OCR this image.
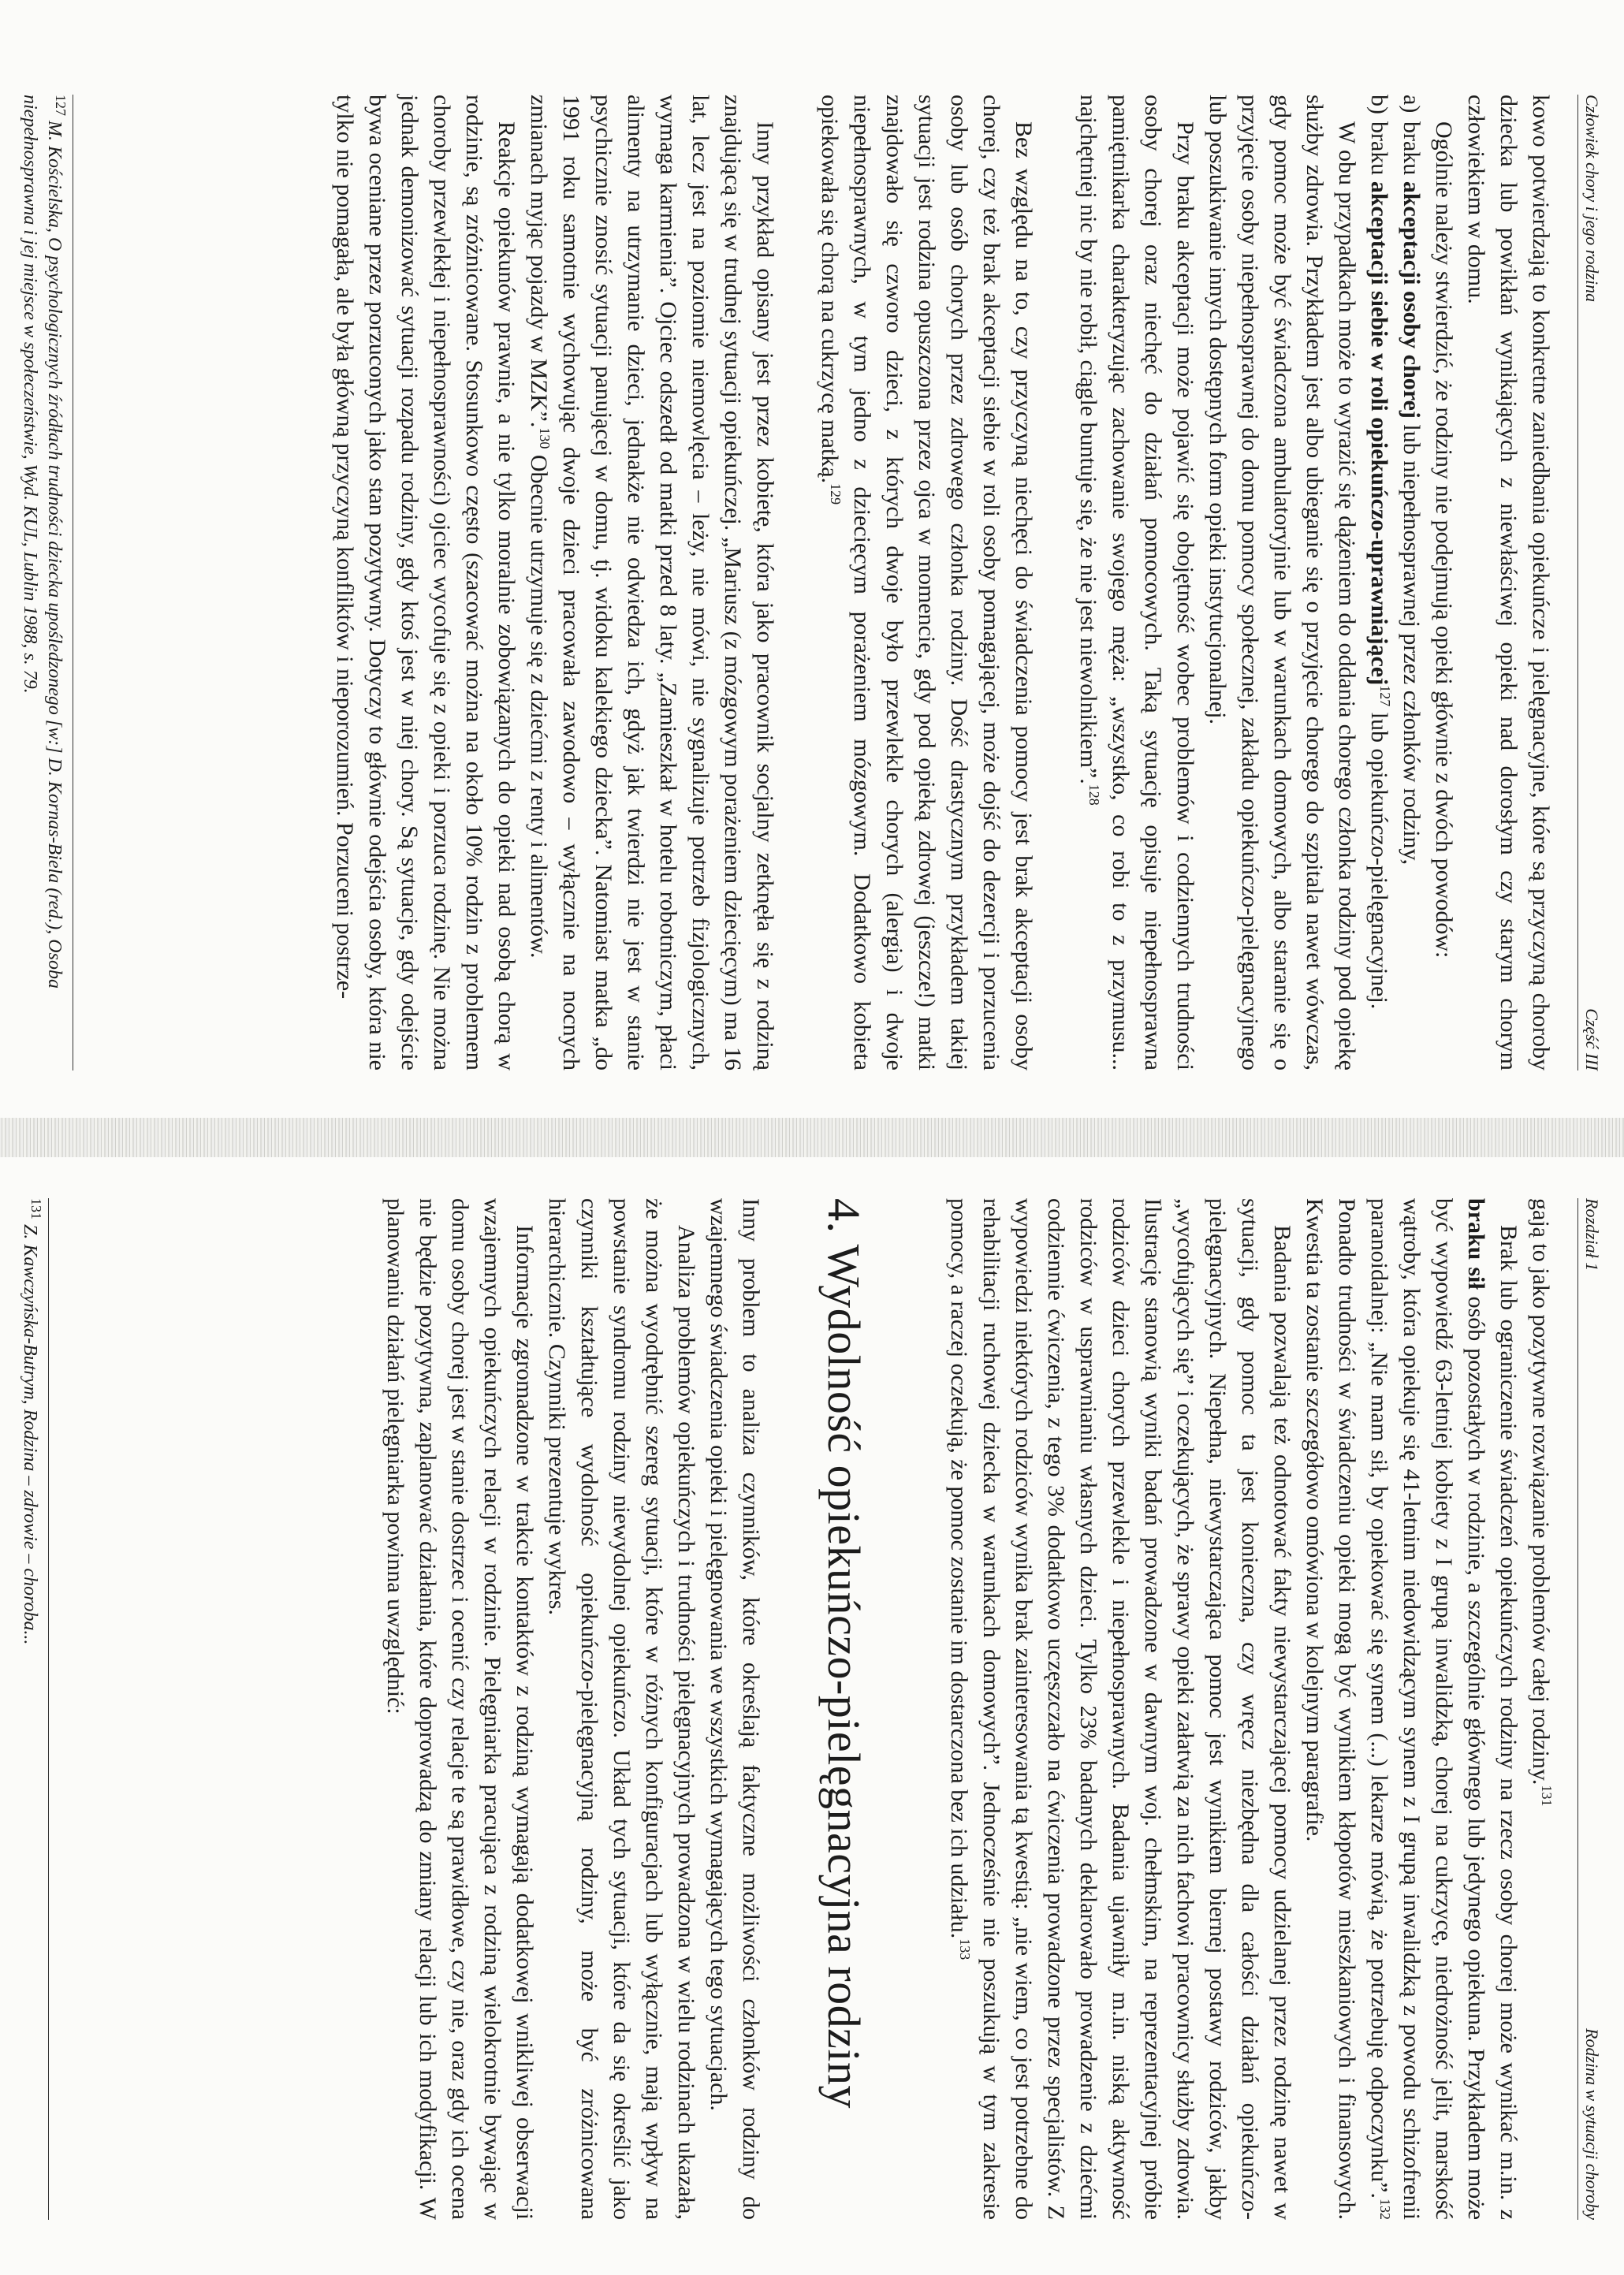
Człowiek chory i jego rodzina
Część III

kowo potwierdzają to konkretne zaniedbania opiekuńcze i pielęgnacyjne, które są przyczyną choroby dziecka lub powikłań wynikających z niewłaściwej opieki nad dorosłym czy starym chorym człowiekiem w domu.

Ogólnie należy stwierdzić, że rodziny nie podejmują opieki głównie z dwóch powodów:

a)
braku akceptacji osoby chorej lub niepełnosprawnej przez członków rodziny,
b)
braku akceptacji siebie w roli opiekuńczo-uprawniającej$^{127}$ lub opiekuńczo-pielęgnacyjnej.

W obu przypadkach może to wyrazić się dążeniem do oddania chorego członka rodziny pod opiekę służby zdrowia. Przykładem jest albo ubieganie się o przyjęcie chorego do szpitala nawet wówczas, gdy pomoc może być świadczona ambulatoryjnie lub w warunkach domowych, albo staranie się o przyjęcie osoby niepełnosprawnej do domu pomocy społecznej, zakładu opiekuńczo-pielęgnacyjnego lub poszukiwanie innych dostępnych form opieki instytucjonalnej.

Przy braku akceptacji może pojawić się obojętność wobec problemów i codziennych trudności osoby chorej oraz niechęć do działań pomocowych. Taką sytuację opisuje niepełnosprawna pamiętnikarka charakteryzując zachowanie swojego męża: „wszystko, co robi to z przymusu... najchętniej nic by nie robił, ciągle buntuje się, że nie jest niewolnikiem”.$^{128}$

Bez względu na to, czy przyczyną niechęci do świadczenia pomocy jest brak akceptacji osoby chorej, czy też brak akceptacji siebie w roli osoby pomagającej, może dojść do dezercji i porzucenia osoby lub osób chorych przez zdrowego członka rodziny. Dość drastycznym przykładem takiej sytuacji jest rodzina opuszczona przez ojca w momencie, gdy pod opieką zdrowej (jeszcze!) matki znajdowało się czworo dzieci, z których dwoje było przewlekle chorych (alergia) i dwoje niepełnosprawnych, w tym jedno z dziecięcym porażeniem mózgowym. Dodatkowo kobieta opiekowała się chorą na cukrzycę matką.$^{129}$

Inny przykład opisany jest przez kobietę, która jako pracownik socjalny zetknęła się z rodziną znajdującą się w trudnej sytuacji opiekuńczej. „Mariusz (z mózgowym porażeniem dziecięcym) ma 16 lat, lecz jest na poziomie niemowlęcia – leży, nie mówi, nie sygnalizuje potrzeb fizjologicznych, wymaga karmienia”. Ojciec odszedł od matki przed 8 laty. „Zamieszkał w hotelu robotniczym, płaci alimenty na utrzymanie dzieci, jednakże nie odwiedza ich, gdyż jak twierdzi nie jest w stanie psychicznie znosić sytuacji panującej w domu, tj. widoku kalekiego dziecka”. Natomiast matka „do 1991 roku samotnie wychowując dwoje dzieci pracowała zawodowo – wyłącznie na nocnych zmianach myjąc pojazdy w MZK”.$^{130}$ Obecnie utrzymuje się z dziećmi z renty i alimentów.

Reakcje opiekunów prawnie, a nie tylko moralnie zobowiązanych do opieki nad osobą chorą w rodzinie, są zróżnicowane. Stosunkowo często (szacować można na około 10% rodzin z problemem choroby przewlekłej i niepełnosprawności) ojciec wycofuje się z opieki i porzuca rodzinę. Nie można jednak demonizować sytuacji rozpadu rodziny, gdy ktoś jest w niej chory. Są sytuacje, gdy odejście bywa oceniane przez porzuconych jako stan pozytywny. Dotyczy to głównie odejścia osoby, która nie tylko nie pomagała, ale była główną przyczyną konfliktów i nieporozumień. Porzuceni postrze-

$^{127}$ M. Kościelska, O psychologicznych źródłach trudności dziecka upośledzonego [w:] D. Kornas-Biela (red.), Osoba niepełnosprawna i jej miejsce w społeczeństwie, Wyd. KUL, Lublin 1988, s. 79.
Rozdział 1
Rodzina w sytuacji choroby

gają to jako pozytywne rozwiązanie problemów całej rodziny.$^{131}$

Brak lub ograniczenie świadczeń opiekuńczych rodziny na rzecz osoby chorej może wynikać m.in. z braku sił osób pozostałych w rodzinie, a szczególnie głównego lub jedynego opiekuna. Przykładem może być wypowiedź 63-letniej kobiety z I grupą inwalidzką, chorej na cukrzycę, niedrożność jelit, marskość wątroby, która opiekuje się 41-letnim niedowidzącym synem z I grupą inwalidzką z powodu schizofrenii paranoidalnej: „Nie mam sił, by opiekować się synem (...) lekarze mówią, że potrzebuję odpoczynku”.$^{132}$ Ponadto trudności w świadczeniu opieki mogą być wynikiem kłopotów mieszkaniowych i finansowych. Kwestia ta zostanie szczegółowo omówiona w kolejnym paragrafie.

Badania pozwalają też odnotować fakty niewystarczającej pomocy udzielanej przez rodzinę nawet w sytuacji, gdy pomoc ta jest konieczna, czy wręcz niezbędna dla całości działań opiekuńczo-pielęgnacyjnych. Niepełna, niewystarczająca pomoc jest wynikiem biernej postawy rodziców, jakby „wycofujących się” i oczekujących, że sprawy opieki załatwią za nich fachowi pracownicy służby zdrowia. Ilustrację stanowią wyniki badań prowadzone w dawnym woj. chełmskim, na reprezentacyjnej próbie rodziców dzieci chorych przewlekle i niepełnosprawnych. Badania ujawniły m.in. niską aktywność rodziców w usprawnianiu własnych dzieci. Tylko 23% badanych deklarowało prowadzenie z dziećmi codziennie ćwiczenia, z tego 3% dodatkowo uczęszczało na ćwiczenia prowadzone przez specjalistów. Z wypowiedzi niektórych rodziców wynika brak zainteresowania tą kwestią: „nie wiem, co jest potrzebne do rehabilitacji ruchowej dziecka w warunkach domowych”. Jednocześnie nie poszukują w tym zakresie pomocy, a raczej oczekują, że pomoc zostanie im dostarczona bez ich udziału.$^{133}$

4. Wydolność opiekuńczo-pielęgnacyjna rodziny

Inny problem to analiza czynników, które określają faktyczne możliwości członków rodziny do wzajemnego świadczenia opieki i pielęgnowania we wszystkich wymagających tego sytuacjach.

Analiza problemów opiekuńczych i trudności pielęgnacyjnych prowadzona w wielu rodzinach ukazała, że można wyodrębnić szereg sytuacji, które w różnych konfiguracjach lub wyłącznie, mają wpływ na powstanie syndromu rodziny niewydolnej opiekuńczo. Układ tych sytuacji, które da się określić jako czynniki kształtujące wydolność opiekuńczo-pielęgnacyjną rodziny, może być zróżnicowana hierarchicznie. Czynniki prezentuje wykres.

Informacje zgromadzone w trakcie kontaktów z rodziną wymagają dodatkowej wnikliwej obserwacji wzajemnych opiekuńczych relacji w rodzinie. Pielęgniarka pracująca z rodziną wielokrotnie bywając w domu osoby chorej jest w stanie dostrzec i ocenić czy relacje te są prawidłowe, czy nie, oraz gdy ich ocena nie będzie pozytywna, zaplanować działania, które doprowadzą do zmiany relacji lub ich modyfikacji. W planowaniu działań pielęgniarka powinna uwzględnić:

$^{131}$ Z. Kawczyńska-Butrym, Rodzina – zdrowie – choroba...
